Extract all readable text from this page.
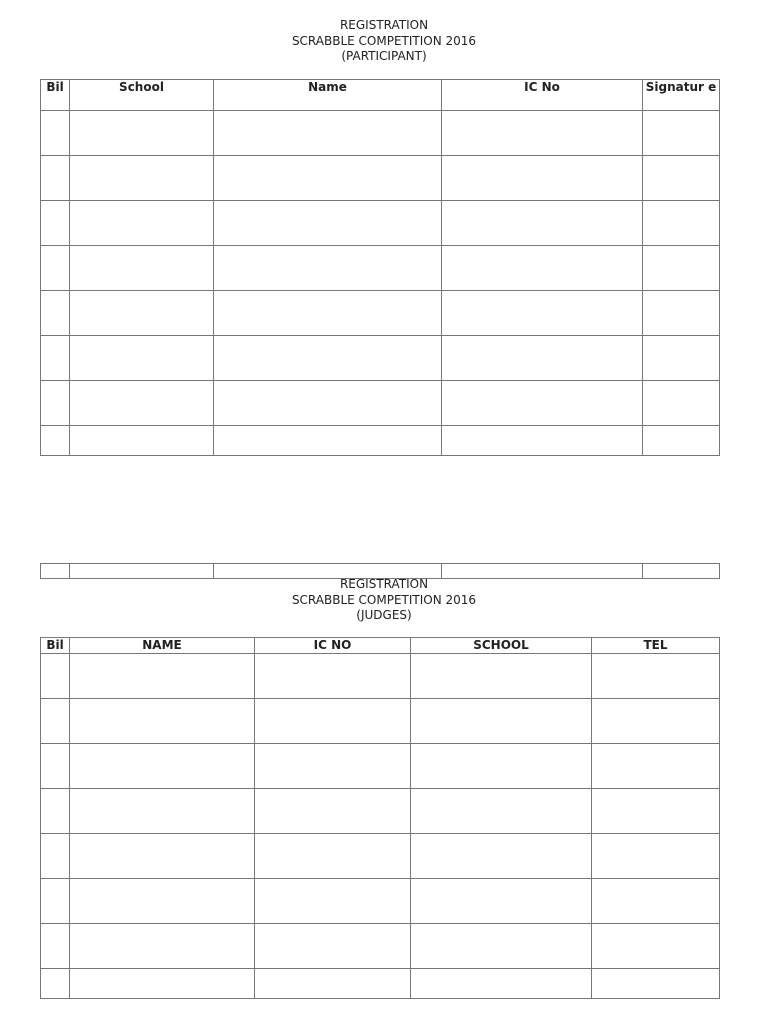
REGISTRATION
SCRABBLE COMPETITION 2016
(PARTICIPANT)
Bil	School	Name	IC No	Signatur e

REGISTRATION
SCRABBLE COMPETITION 2016
(JUDGES)
Bil	NAME	IC NO	SCHOOL	TEL
